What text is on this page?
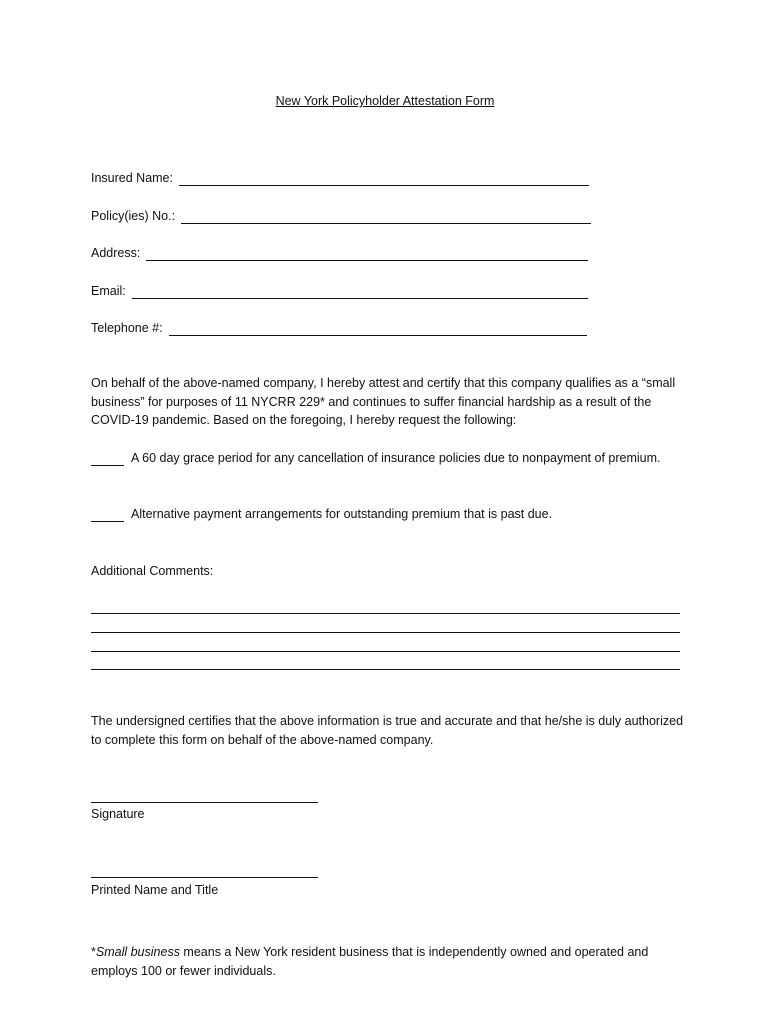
New York Policyholder Attestation Form
Insured Name:
Policy(ies) No.:
Address:
Email:
Telephone #:
On behalf of the above-named company, I hereby attest and certify that this company qualifies as a “small business” for purposes of 11 NYCRR 229* and continues to suffer financial hardship as a result of the COVID-19 pandemic. Based on the foregoing, I hereby request the following:
A 60 day grace period for any cancellation of insurance policies due to nonpayment of premium.
Alternative payment arrangements for outstanding premium that is past due.
Additional Comments:
The undersigned certifies that the above information is true and accurate and that he/she is duly authorized to complete this form on behalf of the above-named company.
Signature
Printed Name and Title
*Small business means a New York resident business that is independently owned and operated and employs 100 or fewer individuals.
